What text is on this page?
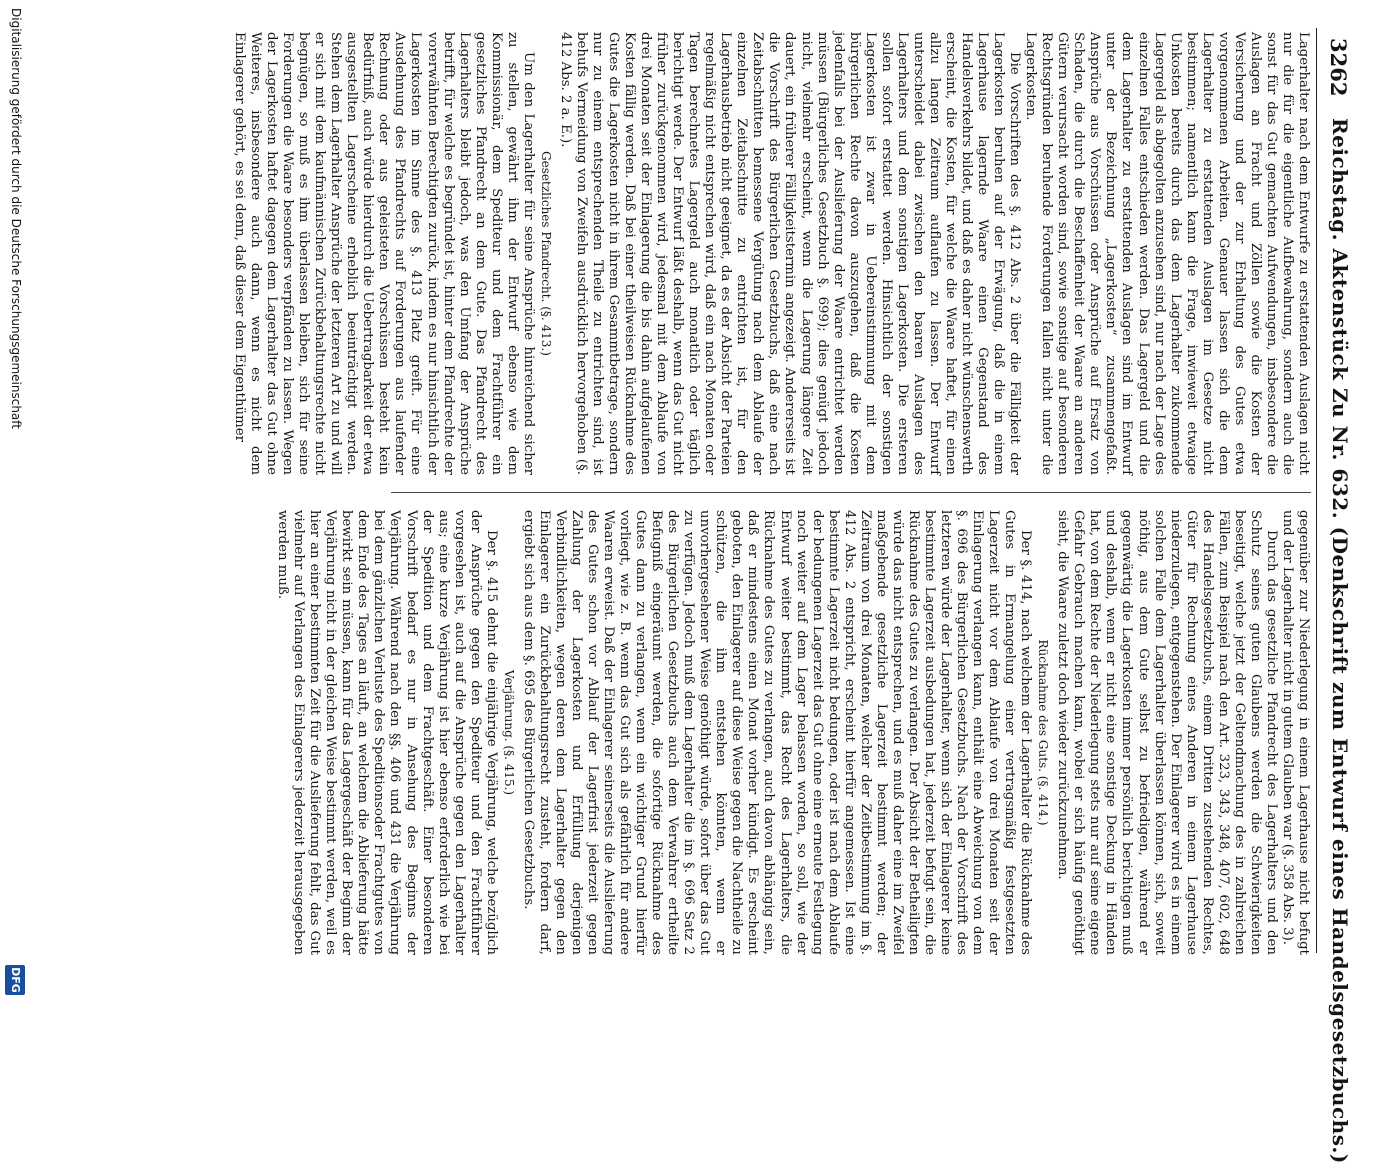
3262
Reichstag. Aktenstück Zu Nr. 632. (Denkschrift zum Entwurf eines Handelsgesetzbuchs.)

Lagerhalter nach dem Entwurfe zu erstattenden Auslagen nicht nur die für die eigentliche Aufbewahrung, sondern auch die sonst für das Gut gemachten Aufwendungen, insbesondere die Auslagen an Fracht und Zöllen sowie die Kosten der Versicherung und der zur Erhaltung des Gutes etwa vorgenommenen Arbeiten. Genauer lassen sich die dem Lagerhalter zu erstattenden Auslagen im Gesetze nicht bestimmen; namentlich kann die Frage, inwieweit etwaige Unkosten bereits durch das dem Lagerhalter zukommende Lagergeld als abgegolten anzusehen sind, nur nach der Lage des einzelnen Falles entschieden werden. Das Lagergeld und die dem Lagerhalter zu erstattenden Auslagen sind im Entwurf unter der Bezeichnung „Lagerkosten“ zusammengefaßt. Ansprüche aus Vorschüssen oder Ansprüche auf Ersatz von Schaden, die durch die Beschaffenheit der Waare an anderen Gütern verursacht worden sind, sowie sonstige auf besonderen Rechtsgründen beruhende Forderungen fallen nicht unter die Lagerkosten.

Die Vorschriften des §. 412 Abs. 2 über die Fälligkeit der Lagerkosten beruhen auf der Erwägung, daß die in einem Lagerhause lagernde Waare einen Gegenstand des Handelsverkehrs bildet, und daß es daher nicht wünschenswerth erscheint, die Kosten, für welche die Waare haftet, für einen allzu langen Zeitraum auflaufen zu lassen. Der Entwurf unterscheidet dabei zwischen den baaren Auslagen des Lagerhalters und dem sonstigen Lagerkosten. Die ersteren sollen sofort erstattet werden. Hinsichtlich der sonstigen Lagerkosten ist zwar in Uebereinstimmung mit dem bürgerlichen Rechte davon auszugehen, daß die Kosten jedenfalls bei der Auslieferung der Waare entrichtet werden müssen (Bürgerliches Gesetzbuch §. 699); dies genügt jedoch nicht, vielmehr erscheint, wenn die Lagerung längere Zeit dauert, ein früherer Fälligkeitstermin angezeigt. Andererseits ist die Vorschrift des Bürgerlichen Gesetzbuchs, daß eine nach Zeitabschnitten bemessene Vergütung nach dem Ablaufe der einzelnen Zeitabschnitte zu entrichten ist, für den Lagerhausbetrieb nicht geeignet, da es der Absicht der Parteien regelmäßig nicht entsprechen wird, daß ein nach Monaten oder Tagen berechnetes Lagergeld auch monatlich oder täglich berichtigt werde. Der Entwurf läßt deshalb, wenn das Gut nicht früher zurückgenommen wird, jedesmal mit dem Ablaufe von drei Monaten seit der Einlagerung die bis dahin aufgelaufenen Kosten fällig werden. Daß bei einer theilweisen Rücknahme des Gutes die Lagerkosten nicht in ihrem Gesammtbetrage, sondern nur zu einem entsprechenden Theile zu entrichten sind, ist behufs Vermeidung von Zweifeln ausdrücklich hervorgehoben (§. 412 Abs. 2 a. E.).

Gesetzliches Pfandrecht. (§. 413.)

Um den Lagerhalter für seine Ansprüche hinreichend sicher zu stellen, gewährt ihm der Entwurf ebenso wie dem Kommissionär, dem Spediteur und dem Frachtführer ein gesetzliches Pfandrecht an dem Gute. Das Pfandrecht des Lagerhalters bleibt jedoch, was den Umfang der Ansprüche betrifft, für welche es begründet ist, hinter dem Pfandrechte der vorerwähnten Berechtigten zurück, indem es nur hinsichtlich der Lagerkosten im Sinne des §. 413 Platz greift. Für eine Ausdehnung des Pfandrechts auf Forderungen aus laufender Rechnung oder aus geleisteten Vorschüssen besteht kein Bedürfniß, auch würde hierdurch die Uebertragbarkeit der etwa ausgestellten Lagerscheine erheblich beeinträchtigt werden. Stehen dem Lagerhalter Ansprüche der letzteren Art zu und will er sich mit dem kaufmännischen Zurückbehaltungsrechte nicht begnügen, so muß es ihm überlassen bleiben, sich für seine Forderungen die Waare besonders verpfänden zu lassen. Wegen der Lagerkosten haftet dagegen dem Lagerhalter das Gut ohne Weiteres, insbesondere auch dann, wenn es nicht dem Einlagerer gehört, es sei denn, daß dieser dem Eigenthümer

gegenüber zur Niederlegung in einem Lagerhause nicht befugt und der Lagerhalter nicht in gutem Glauben war (§. 358 Abs. 3).

Durch das gesetzliche Pfandrecht des Lagerhalters und den Schutz seines guten Glaubens werden die Schwierigkeiten beseitigt, welche jetzt der Geltendmachung des in zahlreichen Fällen, zum Beispiel nach den Art. 323, 343, 348, 407, 602, 648 des Handelsgesetzbuchs, einem Dritten zustehenden Rechtes, Güter für Rechnung eines Anderen in einem Lagerhause niederzulegen, entgegenstehen. Der Einlagerer wird es in einem solchen Falle dem Lagerhalter überlassen können, sich, soweit nöthig, aus dem Gute selbst zu befriedigen, während er gegenwärtig die Lagerkosten immer persönlich berichtigen muß und deshalb, wenn er nicht eine sonstige Deckung in Händen hat, von dem Rechte der Niederlegung stets nur auf seine eigene Gefahr Gebrauch machen kann, wobei er sich häufig genöthigt sieht, die Waare zuletzt doch wieder zurückzunehmen.

Rücknahme des Guts. (§. 414.)

Der §. 414, nach welchem der Lagerhalter die Rücknahme des Gutes in Ermangelung einer vertragsmäßig festgesetzten Lagerzeit nicht vor dem Ablaufe von drei Monaten seit der Einlagerung verlangen kann, enthält eine Abweichung von dem §. 696 des Bürgerlichen Gesetzbuchs. Nach der Vorschrift des letzteren würde der Lagerhalter, wenn sich der Einlagerer keine bestimmte Lagerzeit ausbedungen hat, jederzeit befugt sein, die Rücknahme des Gutes zu verlangen. Der Absicht der Betheiligten würde das nicht entsprechen, und es muß daher eine im Zweifel maßgebende gesetzliche Lagerzeit bestimmt werden; der Zeitraum von drei Monaten, welcher der Zeitbestimmung im §. 412 Abs. 2 entspricht, erscheint hierfür angemessen. Ist eine bestimmte Lagerzeit nicht bedungen, oder ist nach dem Ablaufe der bedungenen Lagerzeit das Gut ohne eine erneute Festlegung noch weiter auf dem Lager belassen worden, so soll, wie der Entwurf weiter bestimmt, das Recht des Lagerhalters, die Rücknahme des Gutes zu verlangen, auch davon abhängig sein, daß er mindestens einen Monat vorher kündigt. Es erscheint geboten, den Einlagerer auf diese Weise gegen die Nachtheile zu schützen, die ihm entstehen könnten, wenn er unvorhergesehener Weise genöthigt würde, sofort über das Gut zu verfügen. Jedoch muß dem Lagerhalter die im §. 696 Satz 2 des Bürgerlichen Gesetzbuchs auch dem Verwahrer ertheilte Befugniß eingeräumt werden, die sofortige Rücknahme des Gutes dann zu verlangen, wenn ein wichtiger Grund hierfür vorliegt, wie z. B. wenn das Gut sich als gefährlich für andere Waaren erweist. Daß der Einlagerer seinerseits die Auslieferung des Gutes schon vor Ablauf der Lagerfrist jederzeit gegen Zahlung der Lagerkosten und Erfüllung derjenigen Verbindlichkeiten, wegen deren dem Lagerhalter gegen den Einlagerer ein Zurückbehaltungsrecht zusteht, fordern darf, ergiebt sich aus dem §. 695 des Bürgerlichen Gesetzbuchs.

Verjährung. (§. 415.)

Der §. 415 dehnt die einjährige Verjährung, welche bezüglich der Ansprüche gegen den Spediteur und den Frachtführer vorgesehen ist, auch auf die Ansprüche gegen den Lagerhalter aus; eine kurze Verjährung ist hier ebenso erforderlich wie bei der Spedition und dem Frachtgeschäft. Einer besonderen Vorschrift bedarf es nur in Ansehung des Beginns der Verjährung. Während nach den §§. 406 und 431 die Verjährung bei dem gänzlichen Verluste des Speditionsoder Frachtgutes von dem Ende des Tages an läuft, an welchem die Ablieferung hätte bewirkt sein müssen, kann für das Lagergeschäft der Beginn der Verjährung nicht in der gleichen Weise bestimmt werden, weil es hier an einer bestimmten Zeit für die Auslieferung fehlt, das Gut vielmehr auf Verlangen des Einlagerers jederzeit herausgegeben werden muß.

Digitalisierung gefördert durch die Deutsche Forschungsgemeinschaft
DFG
